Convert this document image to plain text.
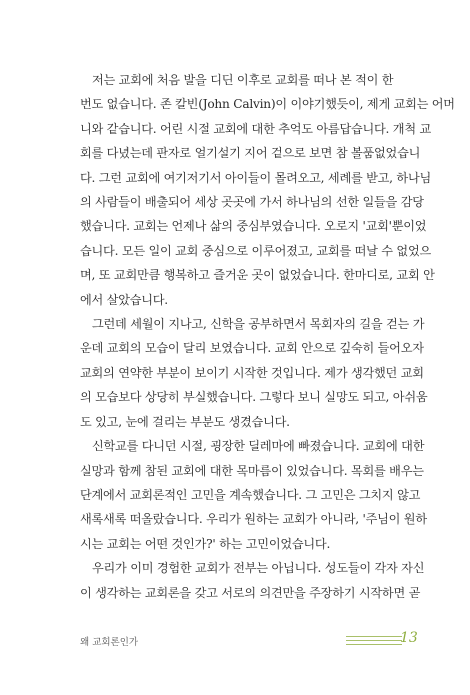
저는 교회에 처음 발을 디딘 이후로 교회를 떠나 본 적이 한

번도 없습니다. 존 칼빈(John Calvin)이 이야기했듯이, 제게 교회는 어머

니와 같습니다. 어린 시절 교회에 대한 추억도 아름답습니다. 개척 교

회를 다녔는데 판자로 얼기설기 지어 겉으로 보면 참 볼품없었습니

다. 그런 교회에 여기저기서 아이들이 몰려오고, 세례를 받고, 하나님

의 사람들이 배출되어 세상 곳곳에 가서 하나님의 선한 일들을 감당

했습니다. 교회는 언제나 삶의 중심부였습니다. 오로지 '교회'뿐이었

습니다. 모든 일이 교회 중심으로 이루어졌고, 교회를 떠날 수 없었으

며, 또 교회만큼 행복하고 즐거운 곳이 없었습니다. 한마디로, 교회 안

에서 살았습니다.

그런데 세월이 지나고, 신학을 공부하면서 목회자의 길을 걷는 가

운데 교회의 모습이 달리 보였습니다. 교회 안으로 깊숙히 들어오자

교회의 연약한 부분이 보이기 시작한 것입니다. 제가 생각했던 교회

의 모습보다 상당히 부실했습니다. 그렇다 보니 실망도 되고, 아쉬움

도 있고, 눈에 걸리는 부분도 생겼습니다.

신학교를 다니던 시절, 굉장한 딜레마에 빠졌습니다. 교회에 대한

실망과 함께 참된 교회에 대한 목마름이 있었습니다. 목회를 배우는

단계에서 교회론적인 고민을 계속했습니다. 그 고민은 그치지 않고

새록새록 떠올랐습니다. 우리가 원하는 교회가 아니라, '주님이 원하

시는 교회는 어떤 것인가?' 하는 고민이었습니다.

우리가 이미 경험한 교회가 전부는 아닙니다. 성도들이 각자 자신

이 생각하는 교회론을 갖고 서로의 의견만을 주장하기 시작하면 곧

왜 교회론인가	13
